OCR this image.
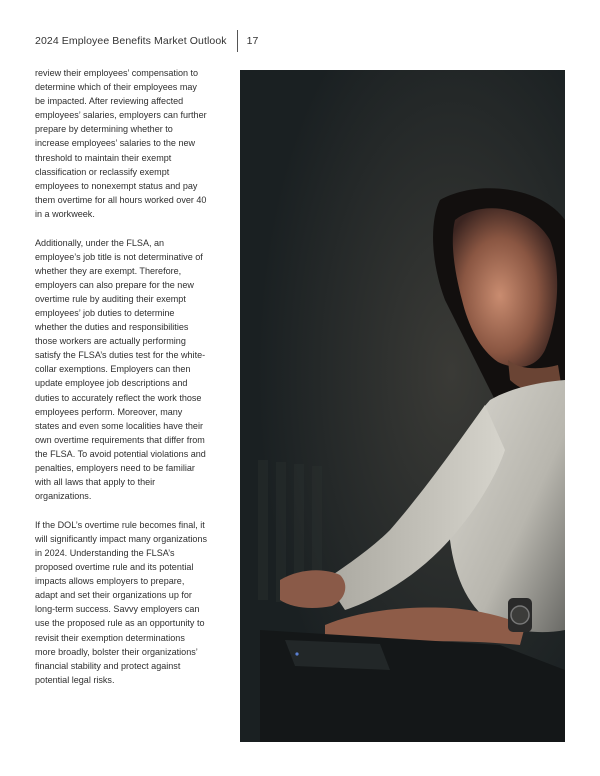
2024 Employee Benefits Market Outlook 17

review their employees’ compensation to determine which of their employees may be impacted. After reviewing affected employees’ salaries, employers can further prepare by determining whether to increase employees’ salaries to the new threshold to maintain their exempt classification or reclassify exempt employees to nonexempt status and pay them overtime for all hours worked over 40 in a workweek.

Additionally, under the FLSA, an employee’s job title is not determinative of whether they are exempt. Therefore, employers can also prepare for the new overtime rule by auditing their exempt employees’ job duties to determine whether the duties and responsibilities those workers are actually performing satisfy the FLSA’s duties test for the white-collar exemptions. Employers can then update employee job descriptions and duties to accurately reflect the work those employees perform. Moreover, many states and even some localities have their own overtime requirements that differ from the FLSA. To avoid potential violations and penalties, employers need to be familiar with all laws that apply to their organizations.

If the DOL’s overtime rule becomes final, it will significantly impact many organizations in 2024. Understanding the FLSA’s proposed overtime rule and its potential impacts allows employers to prepare, adapt and set their organizations up for long-term success. Savvy employers can use the proposed rule as an opportunity to revisit their exemption determinations more broadly, bolster their organizations’ financial stability and protect against potential legal risks.
